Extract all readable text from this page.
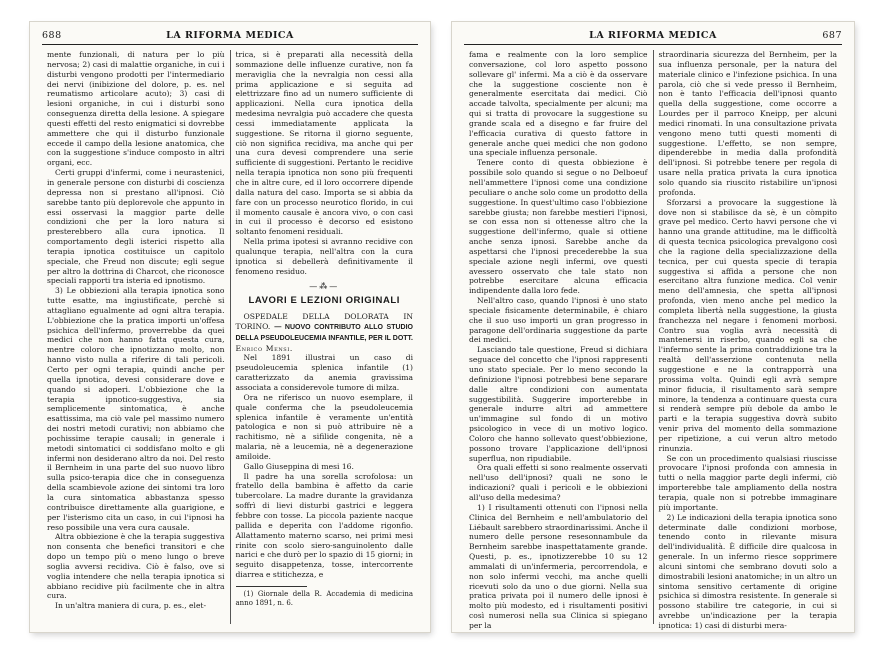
688	LA RIFORMA MEDICA

mente funzionali, di natura per lo più nervosa; 2) casi di malattie organiche, in cui i disturbi vengono prodotti per l'intermediario dei nervi (inibizione del dolore, p. es. nel reumatismo articolare acuto); 3) casi di lesioni organiche, in cui i disturbi sono conseguenza diretta della lesione. A spiegare questi effetti del resto enigmatici si dovrebbe ammettere che qui il disturbo funzionale eccede il campo della lesione anatomica, che con la suggestione s'induce composto in altri organi, ecc.

Certi gruppi d'infermi, come i neurastenici, in generale persone con disturbi di coscienza depressa non si prestano all'ipnosi. Ciò sarebbe tanto più deplorevole che appunto in essi osservasi la maggior parte delle condizioni che per la loro natura si presterebbero alla cura ipnotica. Il comportamento degli isterici rispetto alla terapia ipnotica costituisce un capitolo speciale, che Freud non discute; egli segue per altro la dottrina di Charcot, che riconosce speciali rapporti tra isteria ed ipnotismo.

3) Le obbiezioni alla terapia ipnotica sono tutte esatte, ma ingiustificate, perchè si attagliano egualmente ad ogni altra terapia. L'obbiezione che la pratica importi un'offesa psichica dell'infermo, proverrebbe da quei medici che non hanno fatta questa cura, mentre coloro che ipnotizzano molto, non hanno visto nulla a riferire di tali pericoli. Certo per ogni terapia, quindi anche per quella ipnotica, devesi considerare dove e quando si adoperi. L'obbiezione che la terapia ipnotico-suggestiva, sia semplicemente sintomatica, è anche esattissima, ma ciò vale pel massimo numero dei nostri metodi curativi; non abbiamo che pochissime terapie causali; in generale i metodi sintomatici ci soddisfano molto e gli infermi non desiderano altro da noi. Del resto il Bernheim in una parte del suo nuovo libro sulla psico-terapia dice che in conseguenza della scambievole azione dei sintomi tra loro la cura sintomatica abbastanza spesso contribuisce direttamente alla guarigione, e per l'isterismo cita un caso, in cui l'ipnosi ha reso possibile una vera cura causale.

Altra obbiezione è che la terapia suggestiva non consenta che benefici transitori e che dopo un tempo più o meno lungo o breve soglia avversi recidiva. Ciò è falso, ove si voglia intendere che nella terapia ipnotica si abbiano recidive più facilmente che in altra cura.

In un'altra maniera di cura, p. es., elet-

trica, si è preparati alla necessità della sommazione delle influenze curative, non fa meraviglia che la nevralgia non cessi alla prima applicazione e si seguita ad elettrizzare fino ad un numero sufficiente di applicazioni. Nella cura ipnotica della medesima nevralgia può accadere che questa cessi immediatamente applicata la suggestione. Se ritorna il giorno seguente, ciò non significa recidiva, ma anche qui per una cura devesi comprendere una serie sufficiente di suggestioni. Pertanto le recidive nella terapia ipnotica non sono più frequenti che in altre cure, ed il loro occorrere dipende dalla natura del caso. Importa se si abbia da fare con un processo neurotico florido, in cui il momento causale è ancora vivo, o con casi in cui il processo è decorso ed esistono soltanto fenomeni residuali.

Nella prima ipotesi si avranno recidive con qualunque terapia, nell'altra con la cura ipnotica si debellerà definitivamente il fenomeno residuo.

—⁂—
LAVORI E LEZIONI ORIGINALI

OSPEDALE DELLA DOLORATA IN TORINO. — NUOVO CONTRIBUTO ALLO STUDIO DELLA PSEUDOLEUCEMIA INFANTILE, PER IL DOTT. Enrico Mensi.

Nel 1891 illustrai un caso di pseudoleucemia splenica infantile (1) caratterizzato da anemia gravissima associata a considerevole tumore di milza.

Ora ne riferisco un nuovo esemplare, il quale conferma che la pseudoleucemia splenica infantile è veramente un'entità patologica e non si può attribuire nè a rachitismo, nè a sifilide congenita, nè a malaria, nè a leucemia, nè a degenerazione amiloide.

Gallo Giuseppina di mesi 16.

Il padre ha una sorella scrofolosa: un fratello della bambina è affetto da carie tubercolare. La madre durante la gravidanza soffrì di lievi disturbi gastrici e leggera febbre con tosse. La piccola paziente nacque pallida e deperita con l'addome rigonfio. Allattamento materno scarso, nei primi mesi rinite con scolo siero-sanguinolento dalle narici e che durò per lo spazio di 15 giorni; in seguito disappetenza, tosse, intercorrente diarrea e stitichezza, e

(1) Giornale della R. Accademia di medicina anno 1891, n. 6.

LA RIFORMA MEDICA	687

fama e realmente con la loro semplice conversazione, col loro aspetto possono sollevare gl' infermi. Ma a ciò è da osservare che la suggestione cosciente non è generalmente esercitata dai medici. Ciò accade talvolta, specialmente per alcuni; ma qui si tratta di provocare la suggestione su grande scala ed a disegno e far fruire del l'efficacia curativa di questo fattore in generale anche quei medici che non godono una speciale influenza personale.

Tenere conto di questa obbiezione è possibile solo quando si segue o no Delboeuf nell'ammettere l'ipnosi come una condizione peculiare o anche solo come un prodotto della suggestione. In quest'ultimo caso l'obbiezione sarebbe giusta; non farebbe mestieri l'ipnosi, se con essa non si ottenesse altro che la suggestione dell'infermo, quale si ottiene anche senza ipnosi. Sarebbe anche da aspettarsi che l'ipnosi precederebbe la sua speciale azione negli infermi, ove questi avessero osservato che tale stato non potrebbe esercitare alcuna efficacia indipendente dalla loro fede.

Nell'altro caso, quando l'ipnosi è uno stato speciale fisicamente determinabile, è chiaro che il suo uso importi un gran progresso in paragone dell'ordinaria suggestione da parte dei medici.

Lasciando tale questione, Freud si dichiara seguace del concetto che l'ipnosi rappresenti uno stato speciale. Per lo meno secondo la definizione l'ipnosi potrebbesi bene separare dalle altre condizioni con aumentata suggestibilità. Suggerire importerebbe in generale indurre altri ad ammettere un'immagine sul fondo di un motivo psicologico in vece di un motivo logico. Coloro che hanno sollevato quest'obbiezione, possono trovare l'applicazione dell'ipnosi superflua, non ripudiabile.

Ora quali effetti si sono realmente osservati nell'uso dell'ipnosi? quali ne sono le indicazioni? quali i pericoli e le obbiezioni all'uso della medesima?

1) I risultamenti ottenuti con l'ipnosi nella Clinica del Bernheim e nell'ambulatorio del Liébault sarebbero straordinarissimi. Anche il numero delle persone resesonnambule da Bernheim sarebbe inaspettatamente grande. Questi, p. es., ipnotizzerebbe 10 su 12 ammalati di un'infermeria, percorrendola, e non solo infermi vecchi, ma anche quelli ricevuti solo da uno o due giorni. Nella sua pratica privata poi il numero delle ipnosi è molto più modesto, ed i risultamenti positivi così numerosi nella sua Clinica si spiegano per la

straordinaria sicurezza del Bernheim, per la sua influenza personale, per la natura del materiale clinico e l'infezione psichica. In una parola, ciò che si vede presso il Bernheim, non è tanto l'efficacia dell'ipnosi quanto quella della suggestione, come occorre a Lourdes per il parroco Kneipp, per alcuni medici rinomati. In una consultazione privata vengono meno tutti questi momenti di suggestione. L'effetto, se non sempre, dipenderebbe in media dalla profondità dell'ipnosi. Si potrebbe tenere per regola di usare nella pratica privata la cura ipnotica solo quando sia riuscito ristabilire un'ipnosi profonda.

Sforzarsi a provocare la suggestione là dove non si stabilisce da sè, è un còmpito grave pel medico. Certo havvi persone che vi hanno una grande attitudine, ma le difficoltà di questa tecnica psicologica prevalgono così che la ragione della specializzazione della tecnica, per cui questa specie di terapia suggestiva si affida a persone che non esercitano altra funzione medica. Col venir meno dell'amnesia, che spetta all'ipnosi profonda, vien meno anche pel medico la completa libertà nella suggestione, la giusta franchezza nel negare i fenomeni morbosi. Contro sua voglia avrà necessità di mantenersi in riserbo, quando egli sa che l'infermo sente la prima contraddizione tra la realtà dell'asserzione contenuta nella suggestione e ne la contrapporrà una prossima volta. Quindi egli avrà sempre minor fiducia, il risultamento sarà sempre minore, la tendenza a continuare questa cura si renderà sempre più debole da ambo le parti e la terapia suggestiva dovrà subito venir priva del momento della sommazione per ripetizione, a cui verun altro metodo rinunzia.

Se con un procedimento qualsiasi riuscisse provocare l'ipnosi profonda con amnesia in tutti o nella maggior parte degli infermi, ciò importerebbe tale ampliamento della nostra terapia, quale non si potrebbe immaginare più importante.

2) Le indicazioni della terapia ipnotica sono determinate dalle condizioni morbose, tenendo conto in rilevante misura dell'individualità. È difficile dire qualcosa in generale. In un infermo riesce sopprimere alcuni sintomi che sembrano dovuti solo a dimostrabili lesioni anatomiche; in un altro un sintoma sensitivo certamente di origine psichica si dimostra resistente. In generale si possono stabilire tre categorie, in cui si avrebbe un'indicazione per la terapia ipnotica: 1) casi di disturbi mera-
